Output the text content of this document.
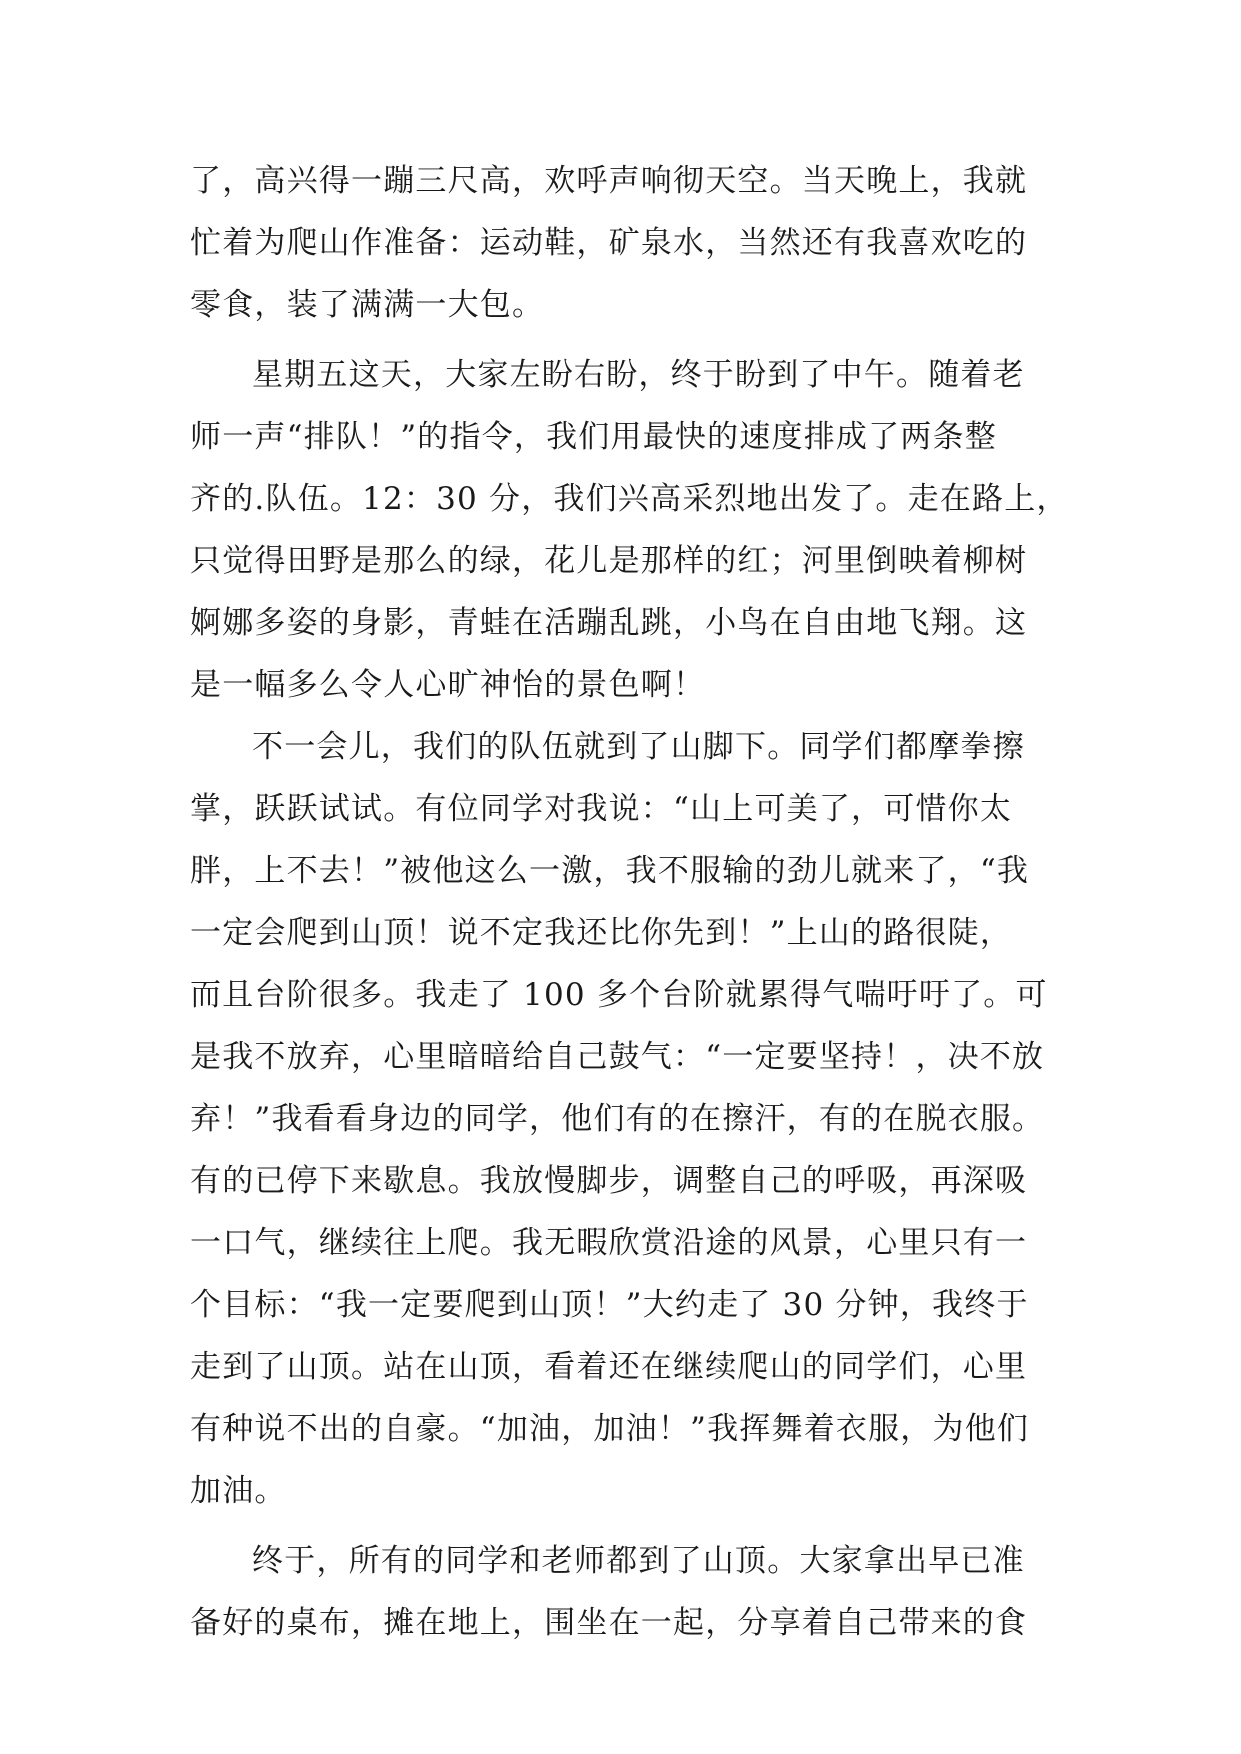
了，高兴得一蹦三尺高，欢呼声响彻天空。当天晚上，我就
忙着为爬山作准备：运动鞋，矿泉水，当然还有我喜欢吃的
零食，装了满满一大包。
星期五这天，大家左盼右盼，终于盼到了中午。随着老
师一声“排队！”的指令，我们用最快的速度排成了两条整
齐的.队伍。12：30 分，我们兴高采烈地出发了。走在路上，
只觉得田野是那么的绿，花儿是那样的红；河里倒映着柳树
婀娜多姿的身影，青蛙在活蹦乱跳，小鸟在自由地飞翔。这
是一幅多么令人心旷神怡的景色啊！
不一会儿，我们的队伍就到了山脚下。同学们都摩拳擦
掌，跃跃试试。有位同学对我说：“山上可美了，可惜你太
胖，上不去！”被他这么一激，我不服输的劲儿就来了，“我
一定会爬到山顶！说不定我还比你先到！”上山的路很陡，
而且台阶很多。我走了 100 多个台阶就累得气喘吁吁了。可
是我不放弃，心里暗暗给自己鼓气：“一定要坚持！，决不放
弃！”我看看身边的同学，他们有的在擦汗，有的在脱衣服。
有的已停下来歇息。我放慢脚步，调整自己的呼吸，再深吸
一口气，继续往上爬。我无暇欣赏沿途的风景，心里只有一
个目标：“我一定要爬到山顶！”大约走了 30 分钟，我终于
走到了山顶。站在山顶，看着还在继续爬山的同学们，心里
有种说不出的自豪。“加油，加油！”我挥舞着衣服，为他们
加油。
终于，所有的同学和老师都到了山顶。大家拿出早已准
备好的桌布，摊在地上，围坐在一起，分享着自己带来的食
